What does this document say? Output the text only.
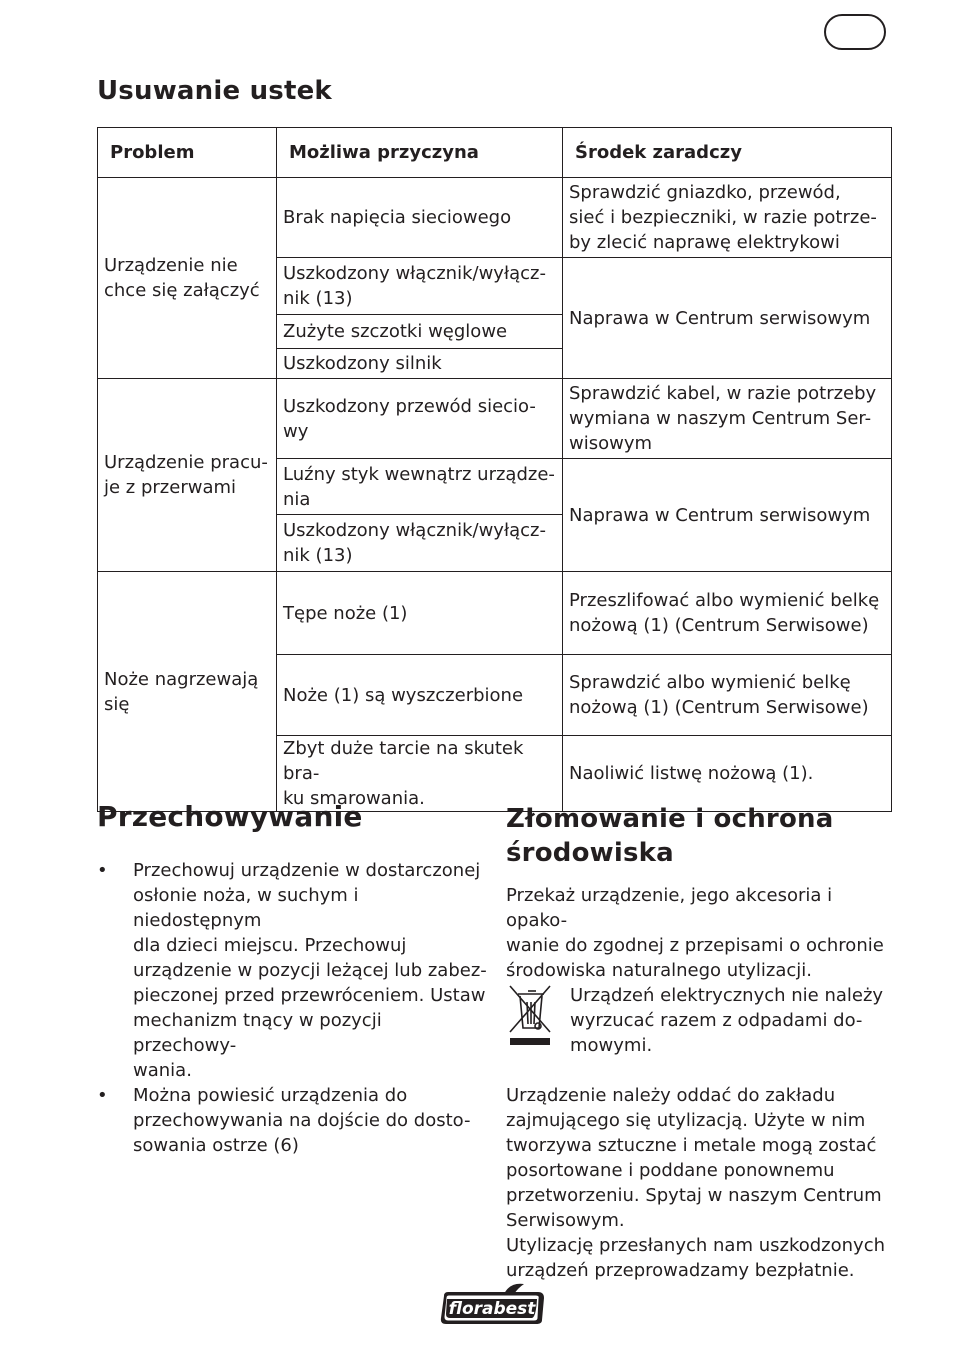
Usuwanie ustek
Problem	Możliwa przyczyna	Środek zaradczy
Urządzenie nie
chce się załączyć	Brak napięcia sieciowego	Sprawdzić gniazdko, przewód,
sieć i bezpieczniki, w razie potrze-
by zlecić naprawę elektrykowi
	Uszkodzony włącznik/wyłącz-
nik (13)	Naprawa w Centrum serwisowym
	Zużyte szczotki węglowe	
	Uszkodzony silnik	
Urządzenie pracu-
je z przerwami	Uszkodzony przewód siecio-
wy	Sprawdzić kabel, w razie potrzeby
wymiana w naszym Centrum Ser-
wisowym
	Luźny styk wewnątrz urządze-
nia	Naprawa w Centrum serwisowym
	Uszkodzony włącznik/wyłącz-
nik (13)	
Noże nagrzewają
się	Tępe noże (1)	Przeszlifować albo wymienić belkę
nożową (1) (Centrum Serwisowe)
	Noże (1) są wyszczerbione	Sprawdzić albo wymienić belkę
nożową (1) (Centrum Serwisowe)
	Zbyt duże tarcie na skutek bra-
ku smarowania.	Naoliwić listwę nożową (1).
Przechowywanie
• Przechowuj urządzenie w dostarczonej
osłonie noża, w suchym i niedostępnym
dla dzieci miejscu. Przechowuj
urządzenie w pozycji leżącej lub zabez-
pieczonej przed przewróceniem. Ustaw
mechanizm tnący w pozycji przechowy-
wania.
• Można powiesić urządzenia do
przechowywania na dojście do dosto-
sowania ostrze (6)
Złomowanie i ochrona
środowiska
Przekaż urządzenie, jego akcesoria i opako-
wanie do zgodnej z przepisami o ochronie
środowiska naturalnego utylizacji.
Urządzeń elektrycznych nie należy
wyrzucać razem z odpadami do-
mowymi.
Urządzenie należy oddać do zakładu
zajmującego się utylizacją. Użyte w nim
tworzywa sztuczne i metale mogą zostać
posortowane i poddane ponownemu
przetworzeniu. Spytaj w naszym Centrum
Serwisowym.
Utylizację przesłanych nam uszkodzonych
urządzeń przeprowadzamy bezpłatnie.
florabest
